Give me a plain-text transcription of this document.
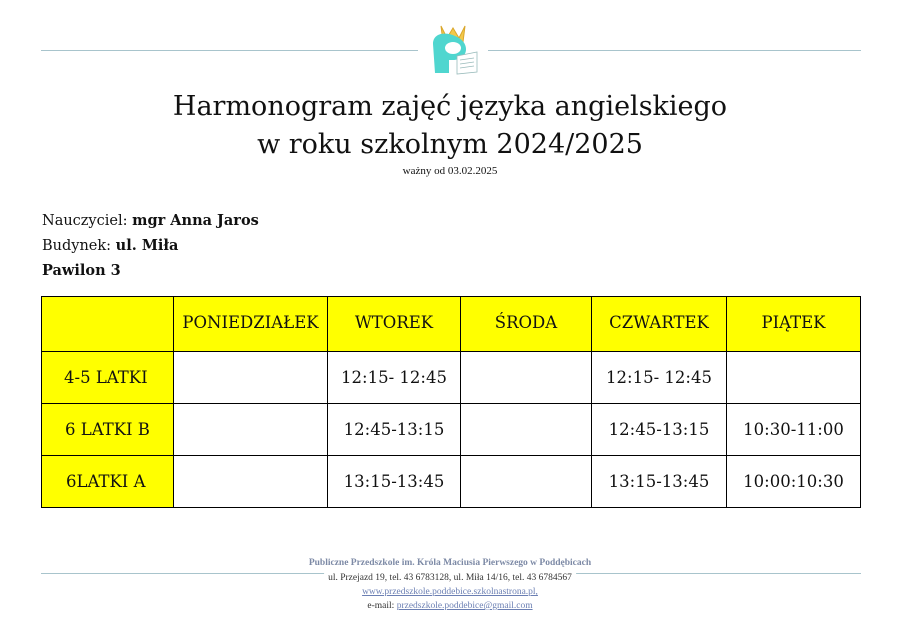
Harmonogram zajęć języka angielskiego
w roku szkolnym 2024/2025
ważny od 03.02.2025
Nauczyciel: mgr Anna Jaros
Budynek: ul. Miła
Pawilon 3
	PONIEDZIAŁEK	WTOREK	ŚRODA	CZWARTEK	PIĄTEK
4-5 LATKI		12:15- 12:45		12:15- 12:45	
6 LATKI B		12:45-13:15		12:45-13:15	10:30-11:00
6LATKI A		13:15-13:45		13:15-13:45	10:00:10:30
Publiczne Przedszkole im. Króla Maciusia Pierwszego w Poddębicach
ul. Przejazd 19, tel. 43 6783128, ul. Miła 14/16, tel. 43 6784567
www.przedszkole.poddebice.szkolnastrona.pl,
e-mail: przedszkole.poddebice@gmail.com
